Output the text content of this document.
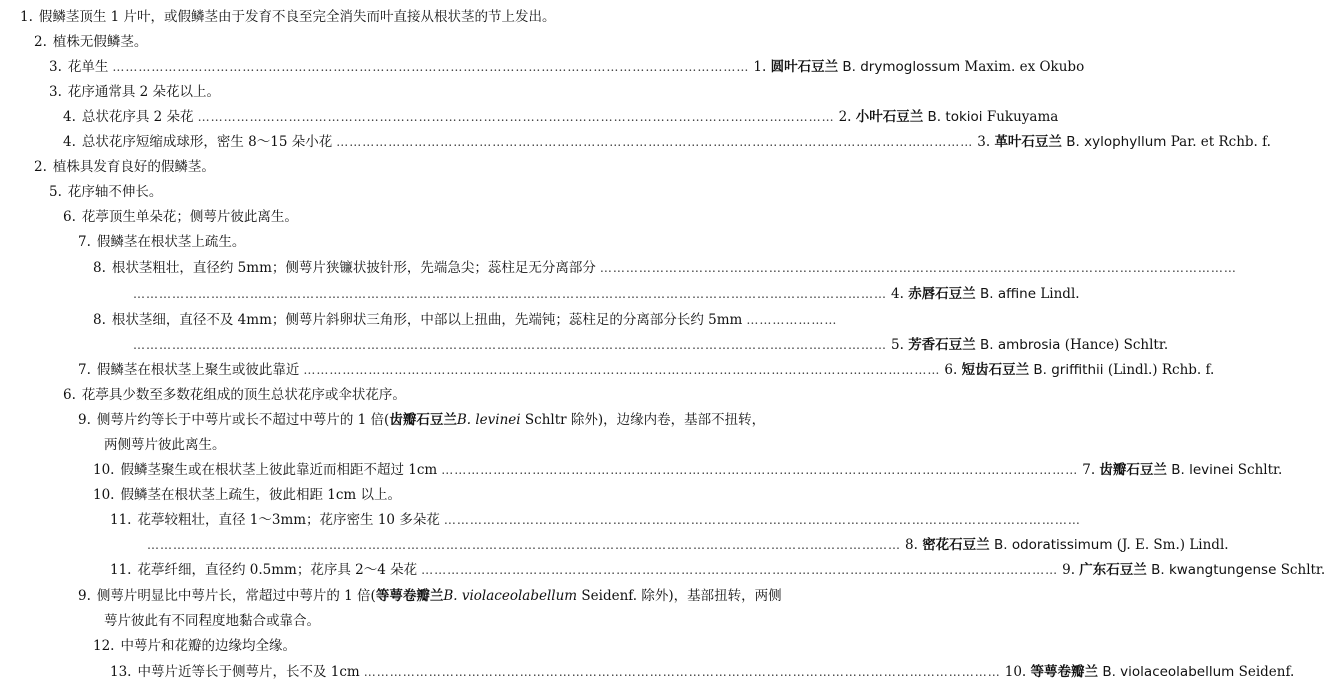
1. 假鳞茎顶生 1 片叶，或假鳞茎由于发育不良至完全消失而叶直接从根状茎的节上发出。
2. 植株无假鳞茎。
3. 花单生 ………………………………………………………………………………………………………………………………… 1. 圆叶石豆兰 B. drymoglossum Maxim. ex Okubo
3. 花序通常具 2 朵花以上。
4. 总状花序具 2 朵花 ………………………………………………………………………………………………………………………………… 2. 小叶石豆兰 B. tokioi Fukuyama
4. 总状花序短缩成球形，密生 8～15 朵小花 ………………………………………………………………………………………………………………………………… 3. 革叶石豆兰 B. xylophyllum Par. et Rchb. f.
2. 植株具发育良好的假鳞茎。
5. 花序轴不伸长。
6. 花葶顶生单朵花；侧萼片彼此离生。
7. 假鳞茎在根状茎上疏生。
8. 根状茎粗壮，直径约 5mm；侧萼片狭镰状披针形，先端急尖；蕊柱足无分离部分 …………………………………………………………………………………………………………………………………
………………………………………………………………………………………………………………………………………………………… 4. 赤唇石豆兰 B. affine Lindl.
8. 根状茎细，直径不及 4mm；侧萼片斜卵状三角形，中部以上扭曲，先端钝；蕊柱足的分离部分长约 5mm …………………
………………………………………………………………………………………………………………………………………………………… 5. 芳香石豆兰 B. ambrosia (Hance) Schltr.
7. 假鳞茎在根状茎上聚生或彼此靠近 ………………………………………………………………………………………………………………………………… 6. 短齿石豆兰 B. griffithii (Lindl.) Rchb. f.
6. 花葶具少数至多数花组成的顶生总状花序或伞状花序。
9. 侧萼片约等长于中萼片或长不超过中萼片的 1 倍(齿瓣石豆兰B. levinei Schltr 除外)，边缘内卷，基部不扭转，
两侧萼片彼此离生。
10. 假鳞茎聚生或在根状茎上彼此靠近而相距不超过 1cm ………………………………………………………………………………………………………………………………… 7. 齿瓣石豆兰 B. levinei Schltr.
10. 假鳞茎在根状茎上疏生，彼此相距 1cm 以上。
11. 花葶较粗壮，直径 1～3mm；花序密生 10 多朵花 …………………………………………………………………………………………………………………………………
………………………………………………………………………………………………………………………………………………………… 8. 密花石豆兰 B. odoratissimum (J. E. Sm.) Lindl.
11. 花葶纤细，直径约 0.5mm；花序具 2～4 朵花 ………………………………………………………………………………………………………………………………… 9. 广东石豆兰 B. kwangtungense Schltr.
9. 侧萼片明显比中萼片长，常超过中萼片的 1 倍(等萼卷瓣兰B. violaceolabellum Seidenf. 除外)，基部扭转，两侧
萼片彼此有不同程度地黏合或靠合。
12. 中萼片和花瓣的边缘均全缘。
13. 中萼片近等长于侧萼片，长不及 1cm ………………………………………………………………………………………………………………………………… 10. 等萼卷瓣兰 B. violaceolabellum Seidenf.
